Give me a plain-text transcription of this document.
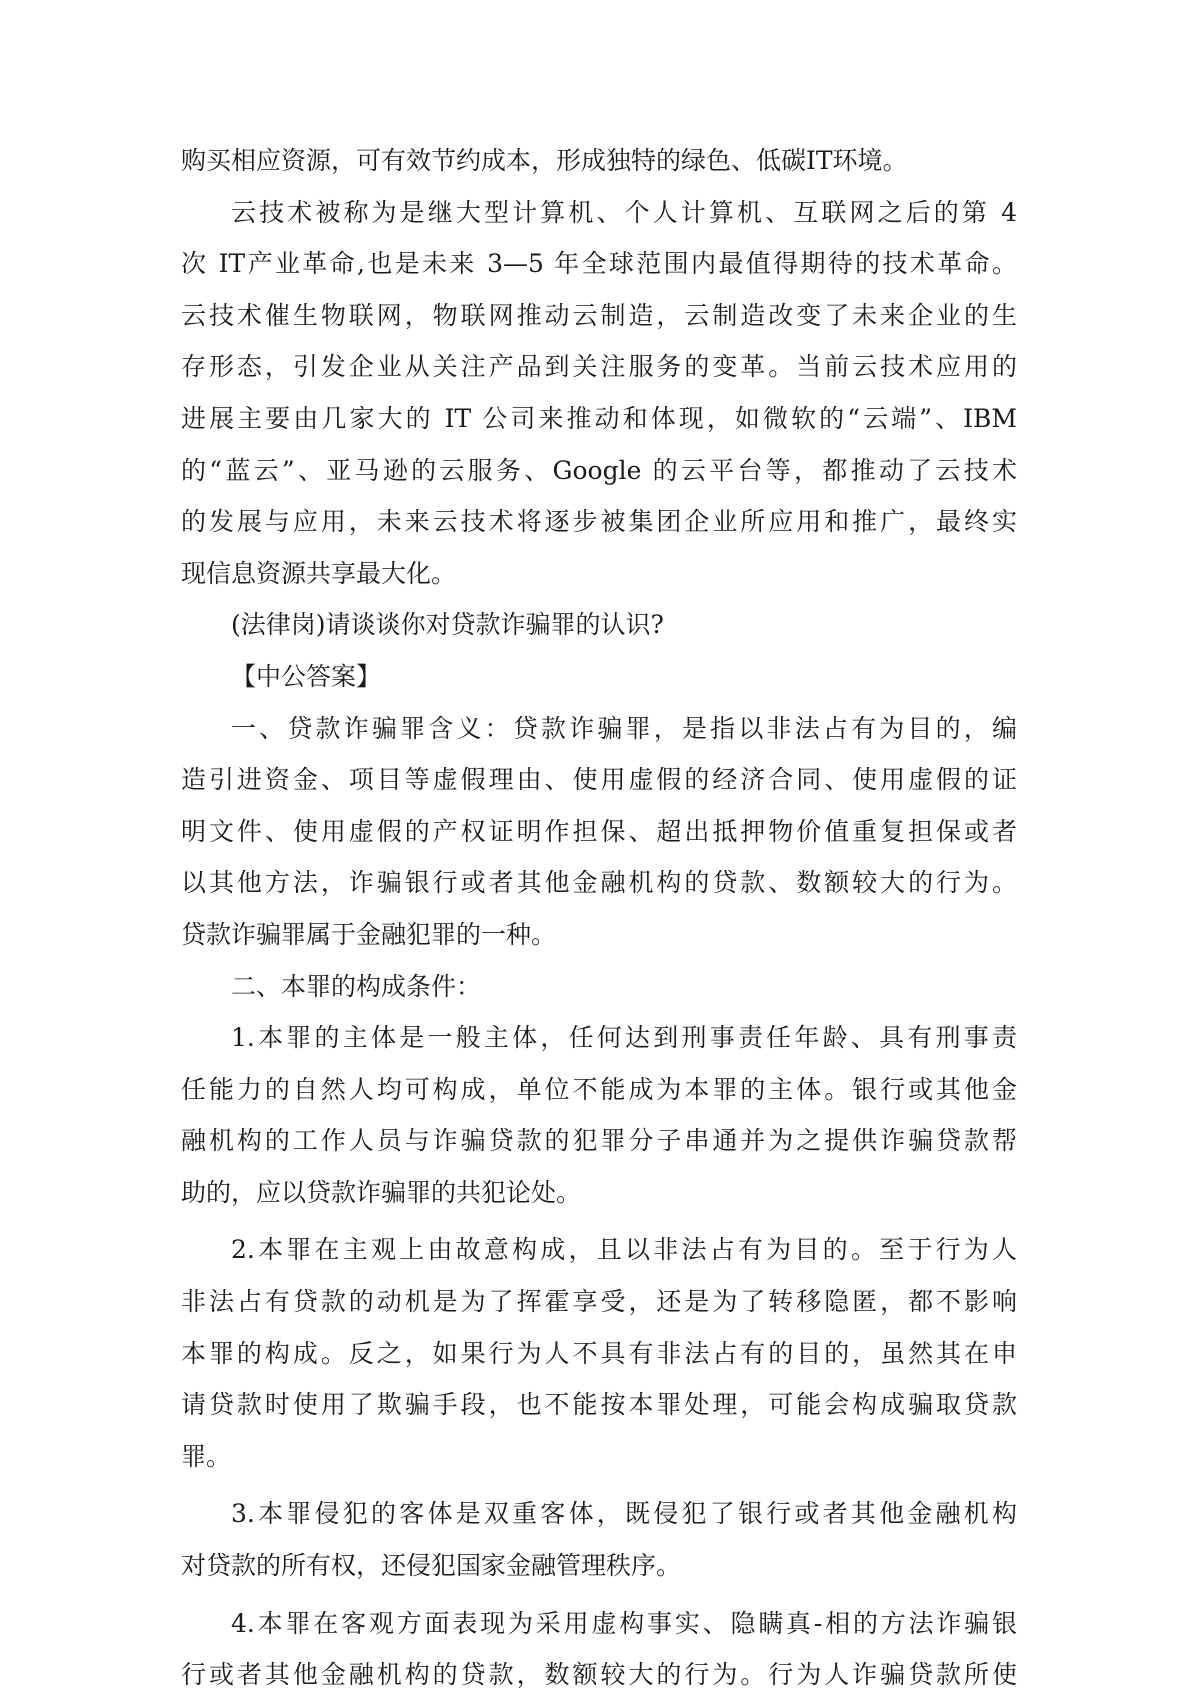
购买相应资源，可有效节约成本，形成独特的绿色、低碳IT环境。

云技术被称为是继大型计算机、个人计算机、互联网之后的第 4

次 IT产业革命,也是未来 3—5 年全球范围内最值得期待的技术革命。

云技术催生物联网，物联网推动云制造，云制造改变了未来企业的生

存形态，引发企业从关注产品到关注服务的变革。当前云技术应用的

进展主要由几家大的 IT 公司来推动和体现，如微软的“云端”、IBM

的“蓝云”、亚马逊的云服务、Google 的云平台等，都推动了云技术

的发展与应用，未来云技术将逐步被集团企业所应用和推广，最终实

现信息资源共享最大化。

(法律岗)请谈谈你对贷款诈骗罪的认识?

【中公答案】

一、贷款诈骗罪含义：贷款诈骗罪，是指以非法占有为目的，编

造引进资金、项目等虚假理由、使用虚假的经济合同、使用虚假的证

明文件、使用虚假的产权证明作担保、超出抵押物价值重复担保或者

以其他方法，诈骗银行或者其他金融机构的贷款、数额较大的行为。

贷款诈骗罪属于金融犯罪的一种。

二、本罪的构成条件：

1.本罪的主体是一般主体，任何达到刑事责任年龄、具有刑事责

任能力的自然人均可构成，单位不能成为本罪的主体。银行或其他金

融机构的工作人员与诈骗贷款的犯罪分子串通并为之提供诈骗贷款帮

助的，应以贷款诈骗罪的共犯论处。

2.本罪在主观上由故意构成，且以非法占有为目的。至于行为人

非法占有贷款的动机是为了挥霍享受，还是为了转移隐匿，都不影响

本罪的构成。反之，如果行为人不具有非法占有的目的，虽然其在申

请贷款时使用了欺骗手段，也不能按本罪处理，可能会构成骗取贷款

罪。

3.本罪侵犯的客体是双重客体，既侵犯了银行或者其他金融机构

对贷款的所有权，还侵犯国家金融管理秩序。

4.本罪在客观方面表现为采用虚构事实、隐瞒真-相的方法诈骗银

行或者其他金融机构的贷款，数额较大的行为。行为人诈骗贷款所使
